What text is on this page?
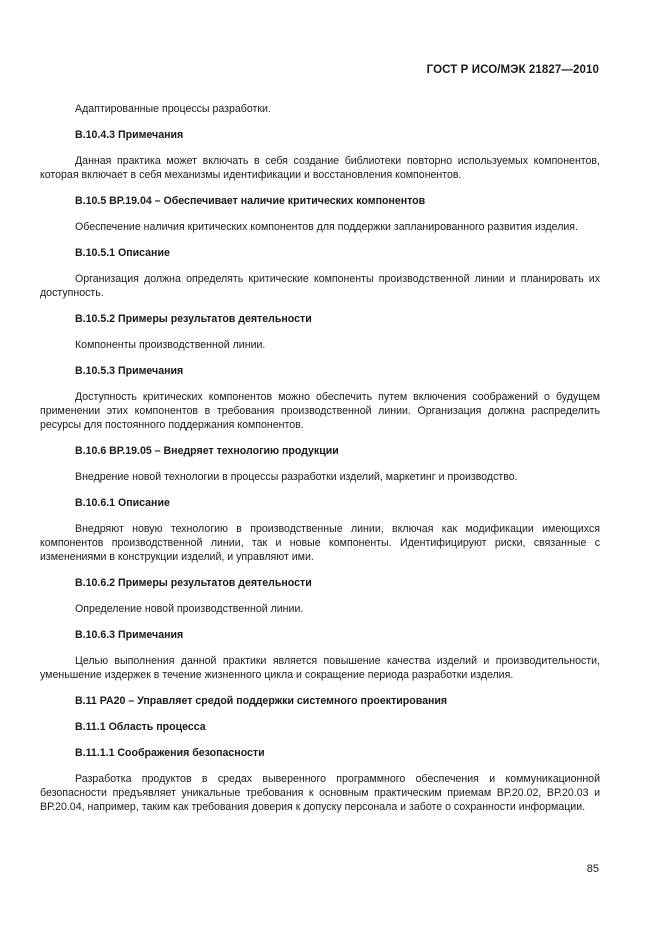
ГОСТ Р ИСО/МЭК 21827—2010

Адаптированные процессы разработки.

В.10.4.3 Примечания

Данная практика может включать в себя создание библиотеки повторно используемых компонентов, которая включает в себя механизмы идентификации и восстановления компонентов.

В.10.5 ВР.19.04 – Обеспечивает наличие критических компонентов

Обеспечение наличия критических компонентов для поддержки запланированного развития изделия.

В.10.5.1 Описание

Организация должна определять критические компоненты производственной линии и планировать их доступность.

В.10.5.2 Примеры результатов деятельности

Компоненты производственной линии.

В.10.5.3 Примечания

Доступность критических компонентов можно обеспечить путем включения соображений о будущем применении этих компонентов в требования производственной линии. Организация должна распределить ресурсы для постоянного поддержания компонентов.

В.10.6 ВР.19.05 – Внедряет технологию продукции

Внедрение новой технологии в процессы разработки изделий, маркетинг и производство.

В.10.6.1 Описание

Внедряют новую технологию в производственные линии, включая как модификации имеющихся компонентов производственной линии, так и новые компоненты. Идентифицируют риски, связанные с изменениями в конструкции изделий, и управляют ими.

В.10.6.2 Примеры результатов деятельности

Определение новой производственной линии.

В.10.6.3 Примечания

Целью выполнения данной практики является повышение качества изделий и производительности, уменьшение издержек в течение жизненного цикла и сокращение периода разработки изделия.

В.11 PA20 – Управляет средой поддержки системного проектирования

В.11.1 Область процесса

В.11.1.1 Соображения безопасности

Разработка продуктов в средах выверенного программного обеспечения и коммуникационной безопасности предъявляет уникальные требования к основным практическим приемам ВР.20.02, ВР.20.03 и ВР.20.04, например, таким как требования доверия к допуску персонала и заботе о сохранности информации.

85
